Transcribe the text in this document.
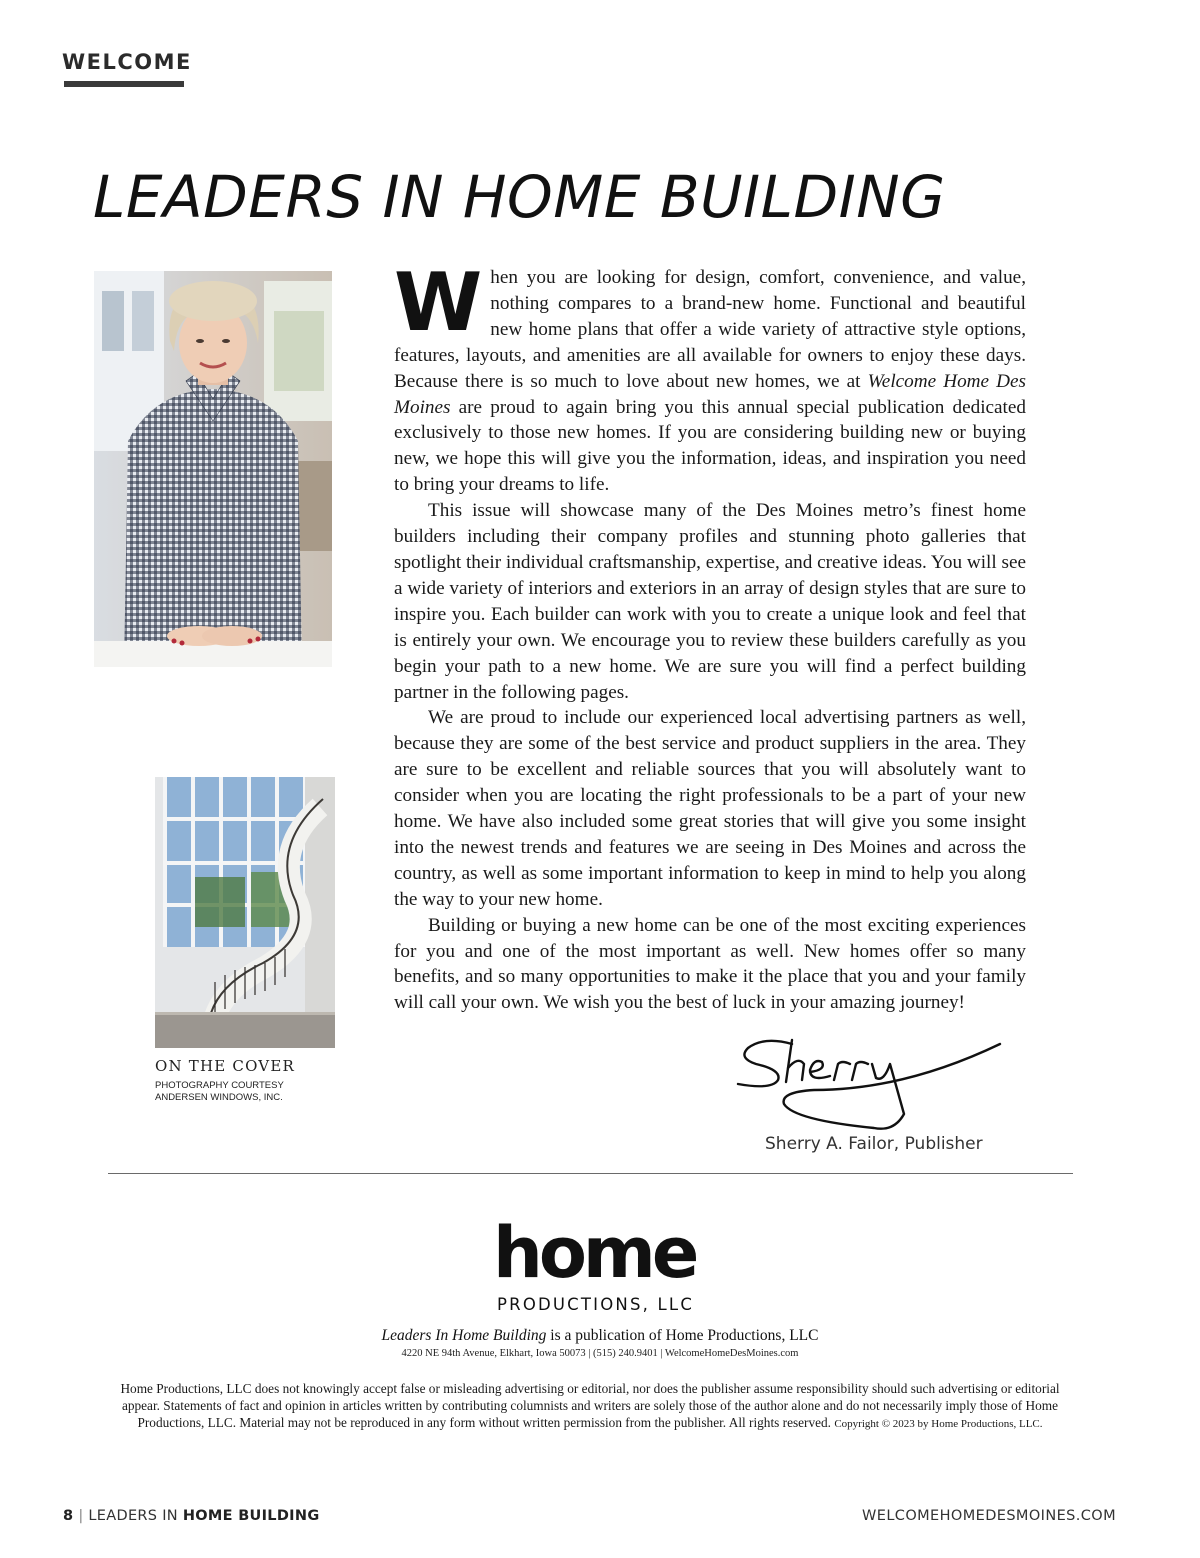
WELCOME
LEADERS IN HOME BUILDING
ON THE COVER
PHOTOGRAPHY COURTESY
ANDERSEN WINDOWS, INC.

When you are looking for design, comfort, convenience, and value, nothing compares to a brand-new home. Functional and beautiful new home plans that offer a wide variety of attractive style options, features, layouts, and amenities are all available for owners to enjoy these days. Because there is so much to love about new homes, we at Welcome Home Des Moines are proud to again bring you this annual special publication dedicated exclusively to those new homes. If you are considering building new or buying new, we hope this will give you the information, ideas, and inspiration you need to bring your dreams to life.

This issue will showcase many of the Des Moines metro’s finest home builders including their company profiles and stunning photo galleries that spotlight their individual craftsmanship, expertise, and creative ideas. You will see a wide variety of interiors and exteriors in an array of design styles that are sure to inspire you. Each builder can work with you to create a unique look and feel that is entirely your own. We encourage you to review these builders carefully as you begin your path to a new home. We are sure you will find a perfect building partner in the following pages.

We are proud to include our experienced local advertising partners as well, because they are some of the best service and product suppliers in the area. They are sure to be excellent and reliable sources that you will absolutely want to consider when you are locating the right professionals to be a part of your new home. We have also included some great stories that will give you some insight into the newest trends and features we are seeing in Des Moines and across the country, as well as some important information to keep in mind to help you along the way to your new home.

Building or buying a new home can be one of the most exciting experiences for you and one of the most important as well. New homes offer so many benefits, and so many opportunities to make it the place that you and your family will call your own. We wish you the best of luck in your amazing journey!

Sherry A. Failor, Publisher
home
PRODUCTIONS, LLC
Leaders In Home Building is a publication of Home Productions, LLC
4220 NE 94th Avenue, Elkhart, Iowa 50073 | (515) 240.9401 | WelcomeHomeDesMoines.com
Home Productions, LLC does not knowingly accept false or misleading advertising or editorial, nor does the publisher assume responsibility should such advertising or editorial appear. Statements of fact and opinion in articles written by contributing columnists and writers are solely those of the author alone and do not necessarily imply those of Home Productions, LLC. Material may not be reproduced in any form without written permission from the publisher. All rights reserved. Copyright © 2023 by Home Productions, LLC.
8 | LEADERS IN HOME BUILDING	WELCOMEHOMEDESMOINES.COM
